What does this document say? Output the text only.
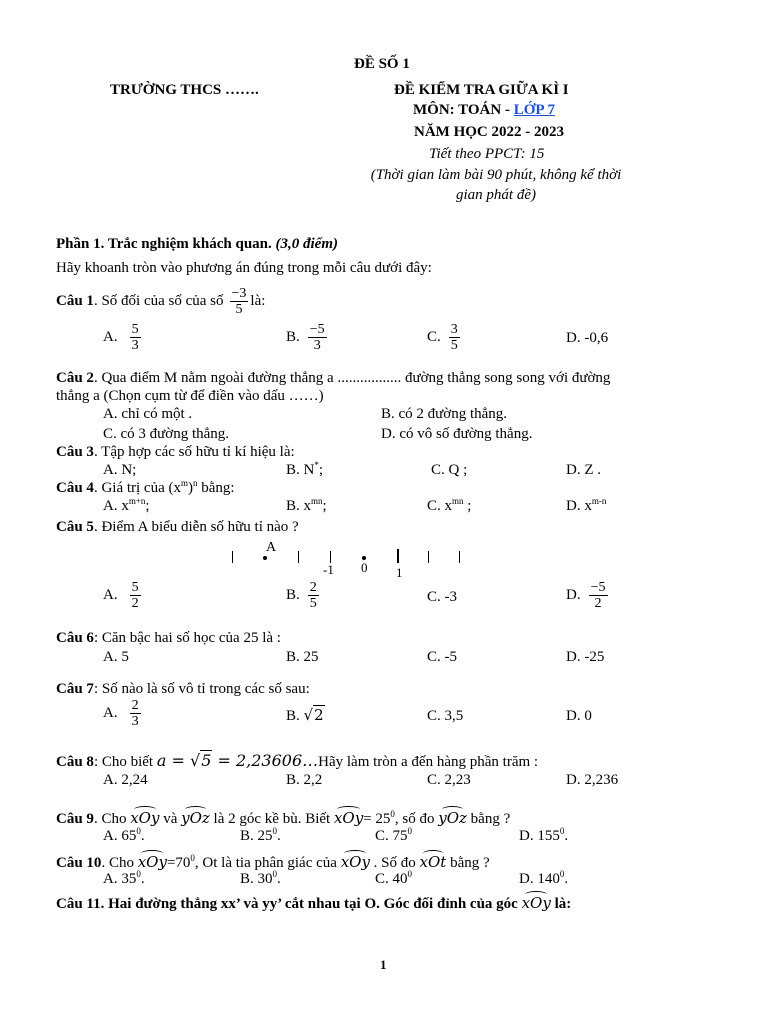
ĐỀ SỐ 1
TRƯỜNG THCS …….	ĐỀ KIỂM TRA GIỮA KÌ I
MÔN: TOÁN - LỚP 7
NĂM HỌC 2022 - 2023
Tiết theo PPCT: 15
(Thời gian làm bài 90 phút, không kể thời
gian phát đề)
Phần 1. Trắc nghiệm khách quan. (3,0 điểm)
Hãy khoanh tròn vào phương án đúng trong mỗi câu dưới đây:
Câu 1 . Số đối của số của số $\frac{-3}{5}$ là:
A. $\frac{5}{3}$	B. $\frac{-5}{3}$	C. $\frac{3}{5}$	D. -0,6
Câu 2. Qua điểm M nằm ngoài đường thẳng a ................. đường thẳng song song với đường
thẳng a (Chọn cụm từ để điền vào dấu ……)
A. chỉ có một .	B. có 2 đường thẳng.
C. có 3 đường thẳng.	D. có vô số đường thẳng.
Câu 3. Tập hợp các số hữu tỉ kí hiệu là:
A. N;	B. N*;	C. Q ;	D. Z .
Câu 4. Giá trị của $(x^m)^n$ bằng:
A. $x^{m+n}$;	B. $x^{mn}$;	C. $x^{mn}$ ;	D. $x^{m-n}$
Câu 5. Điểm A biểu diễn số hữu tỉ nào ?
A
-1 0 1
A. $\frac{5}{2}$	B. $\frac{2}{5}$	C. -3	D. $\frac{-5}{2}$
Câu 6: Căn bậc hai số học của 25 là :
A. 5	B. 25	C. -5	D. -25
Câu 7: Số nào là số vô tỉ trong các số sau:
A. $\frac{2}{3}$	B. √2	C. 3,5	D. 0
Câu 8: Cho biết a = √5 = 2,23606…Hãy làm tròn a đến hàng phần trăm :
A. 2,24	B. 2,2	C. 2,23	D. 2,236
Câu 9. Cho xOy và yOz là 2 góc kề bù. Biết $xOy= 25^0$, số đo yOz bằng ?
A. $65^0$.	B. $25^0$.	C. $75^0$	D. $155^0$.
Câu 10. Cho $xOy=70^0$, Ot là tia phân giác của xOy . Số đo xOt bằng ?
A. $35^0$.	B. $30^0$.	C. $40^0$	D. $140^0$.
Câu 11. Hai đường thẳng xx’ và yy’ cắt nhau tại O. Góc đối đỉnh của góc xOy là:
1
